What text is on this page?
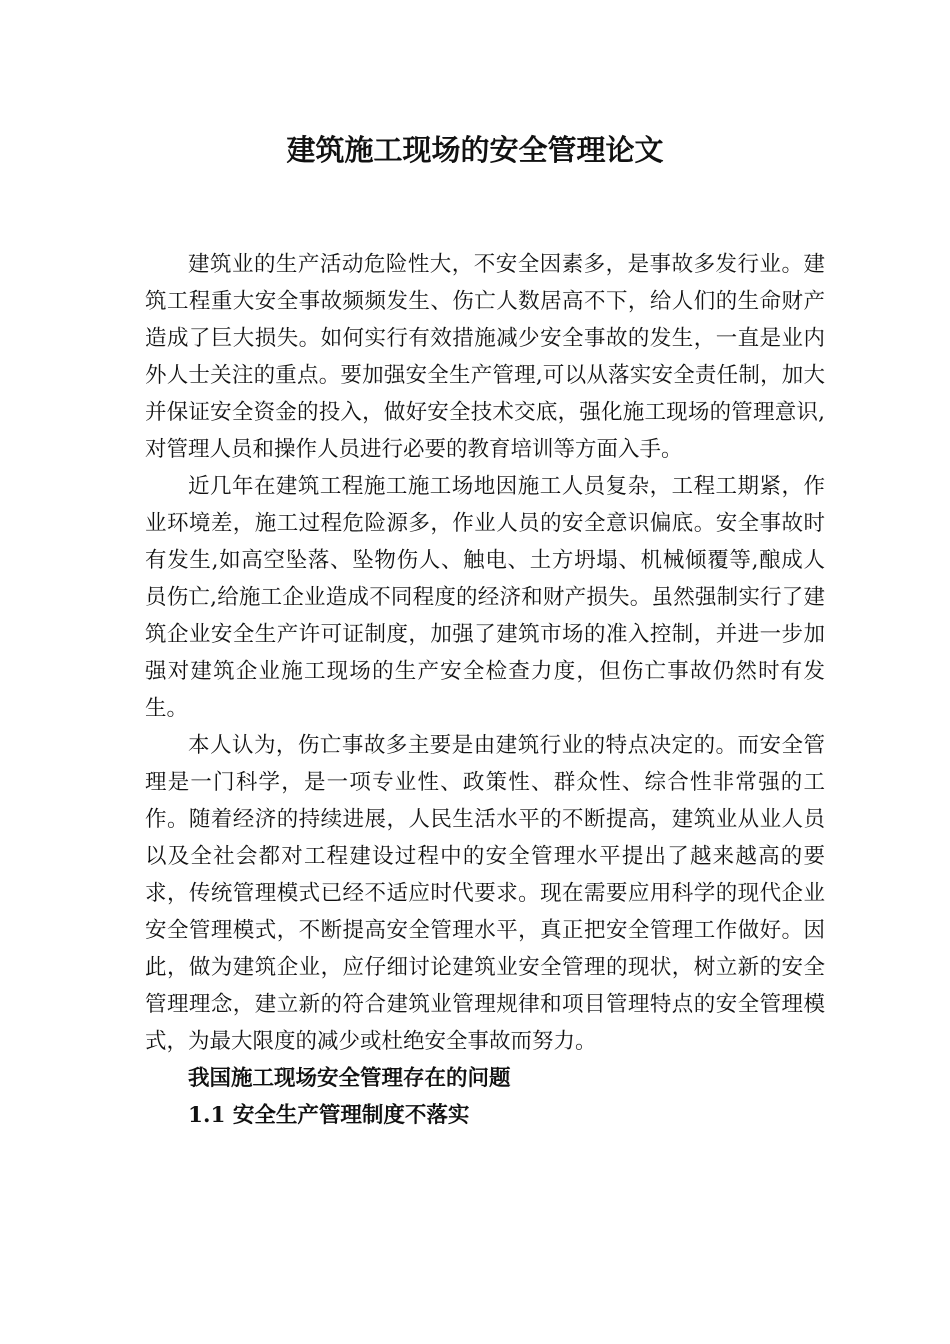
建筑施工现场的安全管理论文

建筑业的生产活动危险性大，不安全因素多，是事故多发行业。建筑工程重大安全事故频频发生、伤亡人数居高不下，给人们的生命财产造成了巨大损失。如何实行有效措施减少安全事故的发生，一直是业内外人士关注的重点。要加强安全生产管理,可以从落实安全责任制，加大并保证安全资金的投入，做好安全技术交底，强化施工现场的管理意识,对管理人员和操作人员进行必要的教育培训等方面入手。

近几年在建筑工程施工施工场地因施工人员复杂，工程工期紧，作业环境差，施工过程危险源多，作业人员的安全意识偏底。安全事故时有发生,如高空坠落、坠物伤人、触电、土方坍塌、机械倾覆等,酿成人员伤亡,给施工企业造成不同程度的经济和财产损失。虽然强制实行了建筑企业安全生产许可证制度，加强了建筑市场的准入控制，并进一步加强对建筑企业施工现场的生产安全检查力度，但伤亡事故仍然时有发生。

本人认为，伤亡事故多主要是由建筑行业的特点决定的。而安全管理是一门科学，是一项专业性、政策性、群众性、综合性非常强的工作。随着经济的持续进展，人民生活水平的不断提高，建筑业从业人员以及全社会都对工程建设过程中的安全管理水平提出了越来越高的要求，传统管理模式已经不适应时代要求。现在需要应用科学的现代企业安全管理模式，不断提高安全管理水平，真正把安全管理工作做好。因此，做为建筑企业，应仔细讨论建筑业安全管理的现状，树立新的安全管理理念，建立新的符合建筑业管理规律和项目管理特点的安全管理模式，为最大限度的减少或杜绝安全事故而努力。

我国施工现场安全管理存在的问题

1.1 安全生产管理制度不落实
